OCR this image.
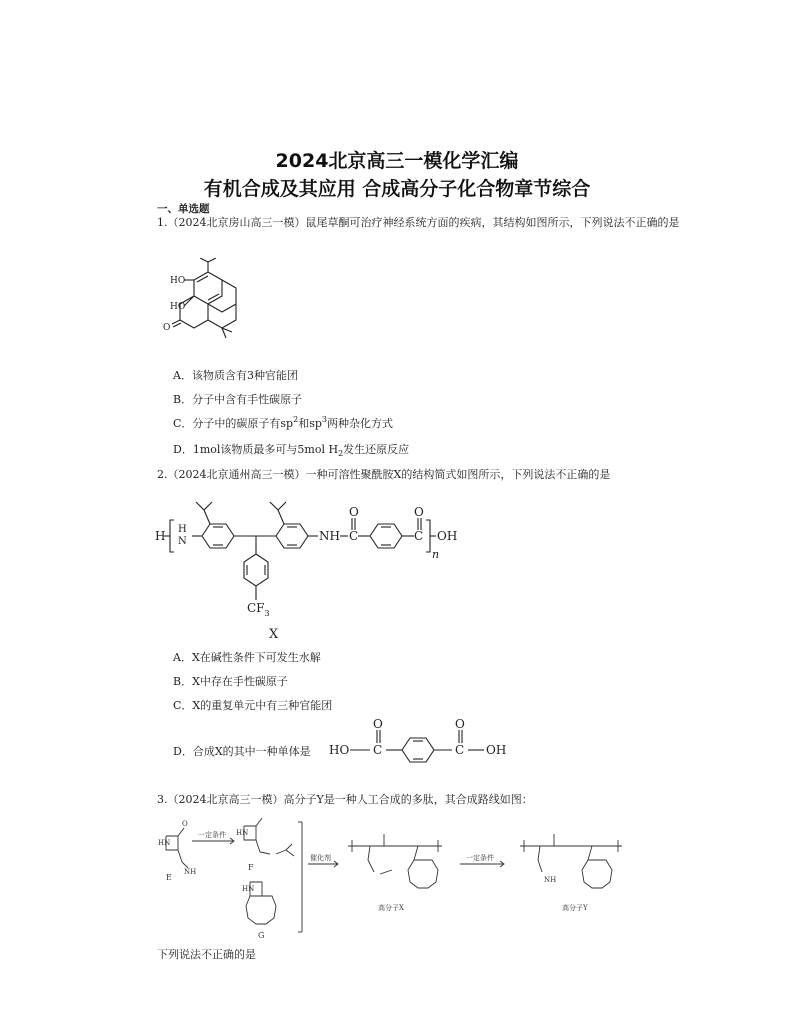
2024北京高三一模化学汇编
有机合成及其应用 合成高分子化合物章节综合
一、单选题
1.（2024北京房山高三一模）鼠尾草酮可治疗神经系统方面的疾病，其结构如图所示，下列说法不正确的是
HO
HO
O
A．该物质含有3种官能团
B．分子中含有手性碳原子
C．分子中的碳原子有$sp^2$和$sp^3$两种杂化方式
D．1mol该物质最多可与5mol $H_2$发生还原反应
2.（2024北京通州高三一模）一种可溶性聚酰胺X的结构简式如图所示，下列说法不正确的是
H H
N	NH C
O
C
O
OH
n
$CF_3$
X
A．X在碱性条件下可发生水解
B．X中存在手性碳原子
C．X的重复单元中有三种官能团
D．合成X的其中一种单体是 HO C
O
C
O
OH
3.（2024北京高三一模）高分子Y是一种人工合成的多肽，其合成路线如图：
HN
O
NH
E
一定条件 HN
F
HN
G
催化剂
高分子X
一定条件
NH
高分子Y
下列说法不正确的是
